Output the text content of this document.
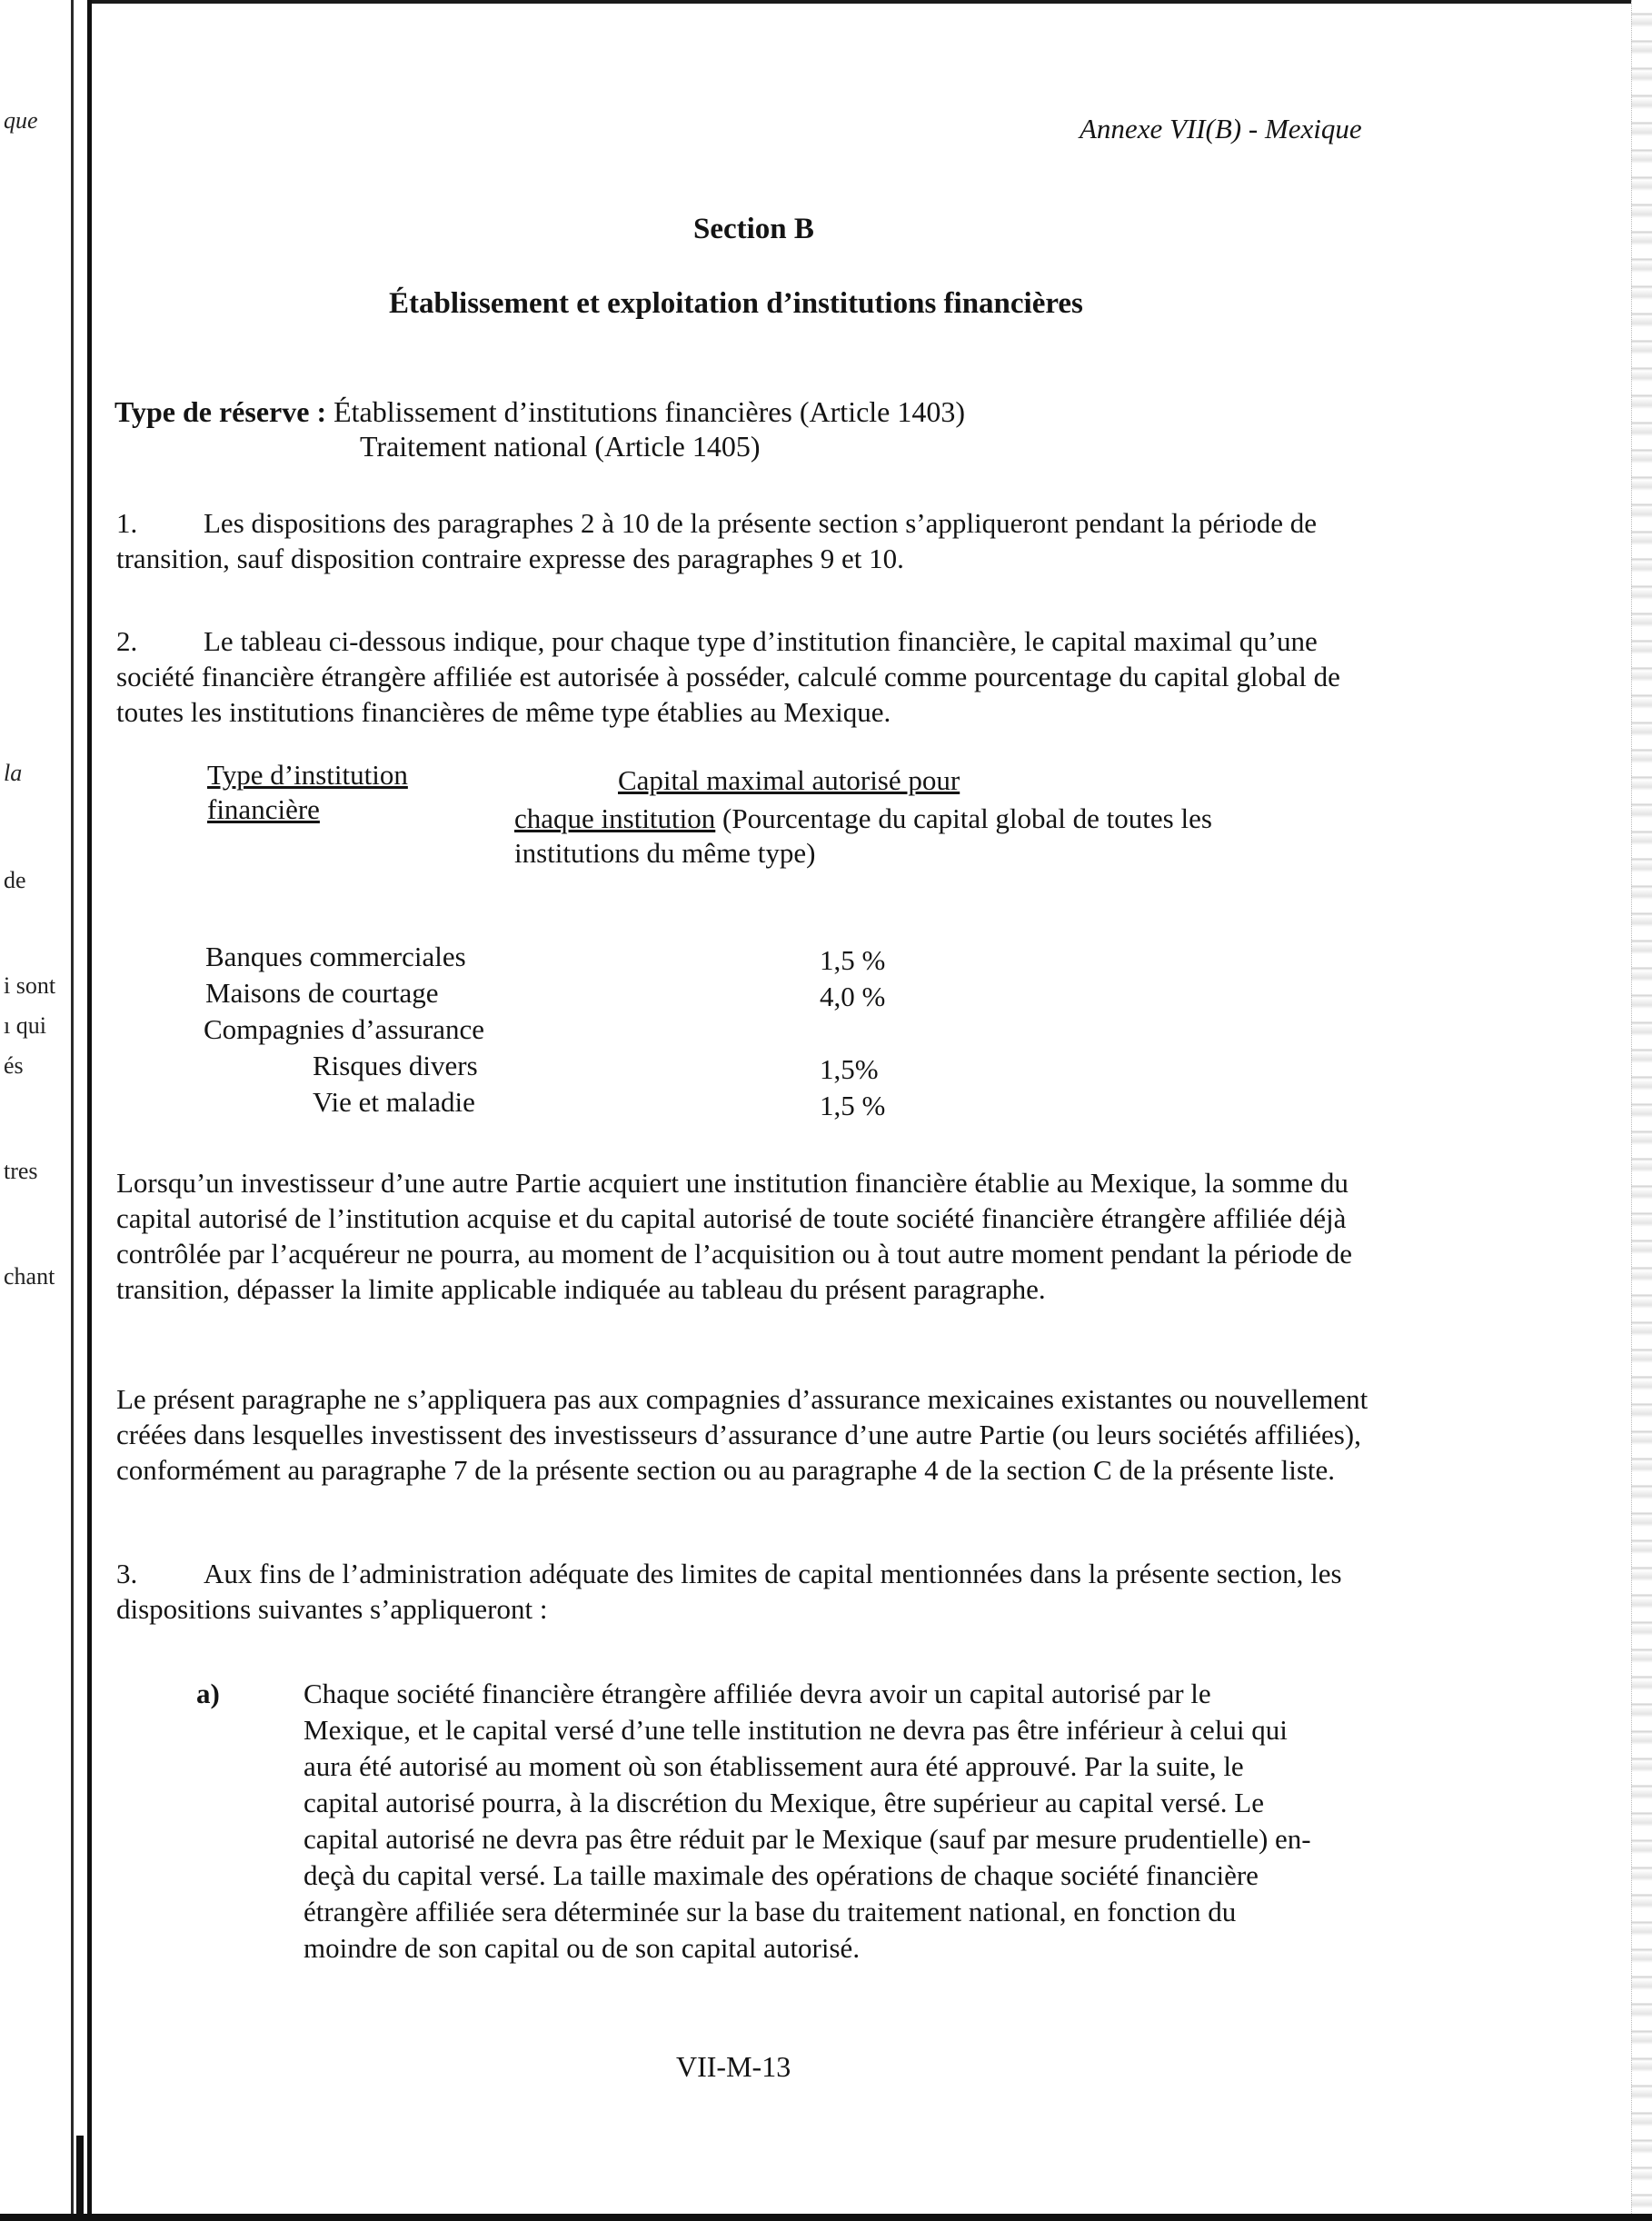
que
la
de
i sont
ı qui
és
tres
chant
Annexe VII(B) - Mexique
Section B
Établissement et exploitation d’institutions financières
Type de réserve : Établissement d’institutions financières (Article 1403)
Traitement national (Article 1405)
1. Les dispositions des paragraphes 2 à 10 de la présente section s’appliqueront pendant la période de transition, sauf disposition contraire expresse des paragraphes 9 et 10.
2. Le tableau ci-dessous indique, pour chaque type d’institution financière, le capital maximal qu’une société financière étrangère affiliée est autorisée à posséder, calculé comme pourcentage du capital global de toutes les institutions financières de même type établies au Mexique.
Type d’institution
financière
Capital maximal autorisé pour
chaque institution (Pourcentage du capital global de toutes les
institutions du même type)
Banques commerciales	1,5 %
Maisons de courtage	4,0 %
Compagnies d’assurance
Risques divers	1,5%
Vie et maladie	1,5 %
Lorsqu’un investisseur d’une autre Partie acquiert une institution financière établie au Mexique, la somme du capital autorisé de l’institution acquise et du capital autorisé de toute société financière étrangère affiliée déjà contrôlée par l’acquéreur ne pourra, au moment de l’acquisition ou à tout autre moment pendant la période de transition, dépasser la limite applicable indiquée au tableau du présent paragraphe.
Le présent paragraphe ne s’appliquera pas aux compagnies d’assurance mexicaines existantes ou nouvellement créées dans lesquelles investissent des investisseurs d’assurance d’une autre Partie (ou leurs sociétés affiliées), conformément au paragraphe 7 de la présente section ou au paragraphe 4 de la section C de la présente liste.
3. Aux fins de l’administration adéquate des limites de capital mentionnées dans la présente section, les dispositions suivantes s’appliqueront :
a)	Chaque société financière étrangère affiliée devra avoir un capital autorisé par le Mexique, et le capital versé d’une telle institution ne devra pas être inférieur à celui qui aura été autorisé au moment où son établissement aura été approuvé. Par la suite, le capital autorisé pourra, à la discrétion du Mexique, être supérieur au capital versé. Le capital autorisé ne devra pas être réduit par le Mexique (sauf par mesure prudentielle) en-deçà du capital versé. La taille maximale des opérations de chaque société financière étrangère affiliée sera déterminée sur la base du traitement national, en fonction du moindre de son capital ou de son capital autorisé.
VII-M-13
